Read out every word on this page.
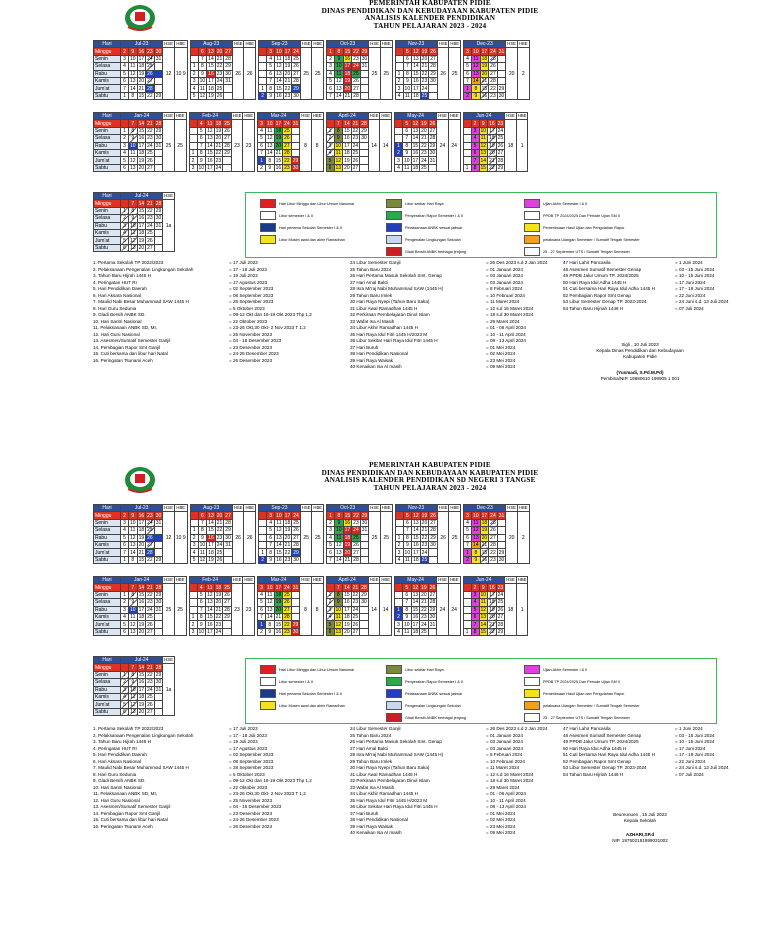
PEMERINTAH KABUPATEN PIDIE
DINAS PENDIDIKAN DAN KEBUDAYAAN KABUPATEN PIDIE
ANALISIS KALENDER PENDIDIKAN
TAHUN PELAJARAN 2023 - 2024
Hari	Jul-23					HSE	HBE
Minggu	2	9	16	23	30	12	10 9
Senin	3	10	17	24	31		
Selasa	4	11	18	25			
Rabu	5	12	19	26			
Kamis	6	13	20	27			
Jum'at	7	14	21	28			
Sabtu	1	8	15	22	29		
Aug-23					HSE	HBE
	6	13	20	27	26	26
	7	14	21	28		
1	8	15	22	29		
2	9	16	23	30		
3	10	17	24	31		
4	11	18	25			
5	12	19	26			
Sep-23					HSE	HBE
	3	10	17	24	25	25
	4	11	18	25		
	5	12	19	26		
	6	13	20	27		
	7	14	21	28		
1	8	15	22	29		
2	9	16	23	30		
Oct-23					HSE	HBE
1	8	15	22	29	25	25
2	9	16	23	30		
3	10	17	24	31		
4	11	18	25			
5	12	19	26			
6	13	20	27			
7	14	21	28			
Nov-23					HSE	HBE
	5	12	19	26	26	25
	6	13	20	27		
	7	14	21	28		
1	8	15	22	29		
2	9	16	23	30		
3	10	17	24			
4	11	18	25			
Dec-23					HSE	HBE
3	10	17	24	31	20	2
4	11	18	25			
5	12	19	26			
6	13	20	27			
7	14	21	28			
1	8	15	22	29		
2	9	16	23	30		
Hari	Jan-24					HSE	HBE
Minggu		7	14	21	28	25	25
Senin	1	8	15	22	29		
Selasa	2	9	16	23	30		
Rabu	3	10	17	24	31		
Kamis	4	11	18	25			
Jum'at	5	12	19	26			
Sabtu	6	13	20	27			
Feb-24					HSE	HBE
	4	11	18	25	23	23
	5	12	19	26		
	6	13	20	27		
	7	14	21	28		
1	8	15	22	29		
2	9	16	23			
3	10	17	24			
Mar-24					HSE	HBE
3	10	17	24	31	8	8
4	11	18	25			
5	12	19	26			
6	13	20	27			
7	14	21	28			
1	8	15	22	29		
2	9	16	23	30		
April-24					HSE	HBE
	7	14	21	28	14	14
1	8	15	22	29		
2	9	16	23	30		
3	10	17	24			
4	11	18	25			
5	12	19	26			
6	13	20	27			
May-24					HSE	HBE
	5	12	19	26	24	24
	6	13	20	27		
	7	14	21	28		
1	8	15	22	29		
2	9	16	23	30		
3	10	17	24	31		
4	11	18	25			
Jun-24					HSE	HBE
	2	9	16	23	18	1
	3	10	17	24		
	4	11	18	25		
	5	12	19	26		
	6	13	20	27		
	7	14	21	28		
1	8	15	22	29		
Hari	Jul-24					HSE
Minggu		7	14	21	28	1a
Senin	1	8	15	22	29	
Selasa	2	9	16	23	30	
Rabu	3	10	17	24	31	
Kamis	4	11	18	25		
Jum'at	5	12	19	26		
Sabtu	6	13	20	27		
Hari Libur Minggu dan Libur Umum Nasional
Libur semester I & II
Hari pertama Sekolah Semester I & II
Libur Musim awal dan akhir Ramadhan
Libur sekitar Hari Raya
Penyerahan Rapor Semester I & II
Pelaksanaan ANBK sesuai jadwal
Pengenalan Lingkungan Sekolah
Gladi Bersih ANBK berbagai jenjang
Ujian Akhir Semester I & II
PPDB TP 2024/2025 Dan Periode Ujian SM II
Pemeriksaan Hasil Ujian dan Pengolahan Rapor
pelaksana Ulangan Semester / Sumatif Tengah Semester
25 - 27 September UTS / Sumatif Tengah Semester
1. Pertama Sekolah TP 2022/2023	= 17 Juli 2023
2. Pelaksanaan Pengenalan Lingkungan Sekolah	= 17 - 18 Juli 2023
3. Tahun Baru Hijrah 1445 H	= 19 Juli 2023
4. Peringatan HUT RI	= 17 Agustus 2023
5. Hari Pendidikan Daerah	= 02 September 2023
6. Hari Aksara Nasional	= 08 September 2023
7. Maulid Nabi Besar Muhammad SAW 1445 H	= 28 September 2023
8. Hari Guru Sedunia	= 5 Oktober 2023
9. Gladi Bersih ANBK SD.	= 09-12 Okt dan 16-19 Okt 2023 Thp 1,2
10. Hari Santri Nasional	= 22 Oktober 2023
11. Pelaksanaan ANBK SD, MI,	= 23-26 Okt,30 Okt- 2 Nov 2023 T 1,2
12. Hari Guru Nasional	= 25 November 2023
13. Asesmen/Sumatif Semester Ganjil	= 04 - 16 Desember 2023
14. Pembagian Rapor Smt Ganjil	= 23 Desember 2023
15. Cuti bersama dan libur hari Natal	= 24-26 Desember 2023
16. Peringatan Tsunami Aceh	= 26 Desember 2023
24 Libur Semester Ganjil	= 26 Des 2023 s.d 2 Jan 2024
25 Tahun Baru 2024	= 01 Januari 2024
26 Hari Pertama Masuk Sekolah Smt. Genap	= 03 Januari 2024
27 Hari Amal Bakti	= 03 Januari 2024
28 Isra Mi'raj Nabi Muhammad SAW (1445 H)	= 8 Februari 2024
29 Tahun Baru Imlek	= 10 Februari 2024
30 Hari Raya Nyepi (Tahun Baru Saka)	= 11 Maret 2024
31 Libur Awal Ramadhan 1445 H	= 12 s.d 16 Maret 2024
32 Perkiraan Pembelajaran Dinul Islam	= 18 s.d 30 Maret 2024
33 Wafat Isa Al Masih	= 29 Maret 2024
34 Libur Akhir Ramadhan 1445 H	= 01 - 06 April 2024
35 Hari Raya Idul Fitri 1445 H/2023 M	= 10 - 11 April 2024
36 Libur Sekitar Hari Raya Idul Fitri 1445 H	= 08 - 13 April 2024
37 Hari Buruh	= 01 Mei 2024
38 Hari Pendidikan Nasional	= 02 Mei 2024
39 Hari Raya Waisak	= 23 Mei 2024
40 Kenaikan Isa Al masih	= 09 Mei 2024
47 Hari Lahir Pancasila	= 1 Juni 2024
48 Asesmen Sumatif Semester Genap	= 03 - 15 Juni 2024
49 PPDB Jalur Umum TP. 2024/2025	= 10 - 15 Juni 2024
50 Hari Raya Idul Adha 1445 H	= 17 Juni 2024
51 Cuti bersama Hari Raya Idul Adha 1445 H	= 17 - 19 Juni 2024
52 Pembagian Rapor Smt Genap	= 22 Juni 2024
53 Libur Semester Genap TP. 2023-2024	= 24 Juni s.d. 13 Juli 2024
54 Tahun Baru Hijriah 1446 H	= 07 Juli 2024
Sigli , 10 Juli 2023
Kepala Dinas Pendidikan dan Kebudayaan
Kabupaten Pidie
(Yusmadi, S.Pd.M.Pd)
Pembina/NIP. 19680610 199905 1 001
PEMERINTAH KABUPATEN PIDIE
DINAS PENDIDIKAN DAN KEBUDAYAAN KABUPATEN PIDIE
ANALISIS KALENDER PENDIDIKAN SD NEGERI 3 TANGSE
TAHUN PELAJARAN 2023 - 2024
Hari	Jul-23					HSE	HBE
Minggu	2	9	16	23	30	12	10 9
Senin	3	10	17	24	31		
Selasa	4	11	18	25			
Rabu	5	12	19	26			
Kamis	6	13	20	27			
Jum'at	7	14	21	28			
Sabtu	1	8	15	22	29		
Aug-23					HSE	HBE
	6	13	20	27	26	26
	7	14	21	28		
1	8	15	22	29		
2	9	16	23	30		
3	10	17	24	31		
4	11	18	25			
5	12	19	26			
Sep-23					HSE	HBE
	3	10	17	24	25	25
	4	11	18	25		
	5	12	19	26		
	6	13	20	27		
	7	14	21	28		
1	8	15	22	29		
2	9	16	23	30		
Oct-23					HSE	HBE
1	8	15	22	29	25	25
2	9	16	23	30		
3	10	17	24	31		
4	11	18	25			
5	12	19	26			
6	13	20	27			
7	14	21	28			
Nov-23					HSE	HBE
	5	12	19	26	26	25
	6	13	20	27		
	7	14	21	28		
1	8	15	22	29		
2	9	16	23	30		
3	10	17	24			
4	11	18	25			
Dec-23					HSE	HBE
3	10	17	24	31	20	2
4	11	18	25			
5	12	19	26			
6	13	20	27			
7	14	21	28			
1	8	15	22	29		
2	9	16	23	30		
Hari	Jan-24					HSE	HBE
Minggu		7	14	21	28	25	25
Senin	1	8	15	22	29		
Selasa	2	9	16	23	30		
Rabu	3	10	17	24	31		
Kamis	4	11	18	25			
Jum'at	5	12	19	26			
Sabtu	6	13	20	27			
Feb-24					HSE	HBE
	4	11	18	25	23	23
	5	12	19	26		
	6	13	20	27		
	7	14	21	28		
1	8	15	22	29		
2	9	16	23			
3	10	17	24			
Mar-24					HSE	HBE
3	10	17	24	31	8	8
4	11	18	25			
5	12	19	26			
6	13	20	27			
7	14	21	28			
1	8	15	22	29		
2	9	16	23	30		
April-24					HSE	HBE
	7	14	21	28	14	14
1	8	15	22	29		
2	9	16	23	30		
3	10	17	24			
4	11	18	25			
5	12	19	26			
6	13	20	27			
May-24					HSE	HBE
	5	12	19	26	24	24
	6	13	20	27		
	7	14	21	28		
1	8	15	22	29		
2	9	16	23	30		
3	10	17	24	31		
4	11	18	25			
Jun-24					HSE	HBE
	2	9	16	23	18	1
	3	10	17	24		
	4	11	18	25		
	5	12	19	26		
	6	13	20	27		
	7	14	21	28		
1	8	15	22	29		
Hari	Jul-24					HSE
Minggu		7	14	21	28	1a
Senin	1	8	15	22	29	
Selasa	2	9	16	23	30	
Rabu	3	10	17	24	31	
Kamis	4	11	18	25		
Jum'at	5	12	19	26		
Sabtu	6	13	20	27		
Hari Libur Minggu dan Libur Umum Nasional
Libur semester I & II
Hari pertama Sekolah Semester I & II
Libur Musim awal dan akhir Ramadhan
Libur sekitar Hari Raya
Penyerahan Rapor Semester I & II
Pelaksanaan ANBK sesuai jadwal
Pengenalan Lingkungan Sekolah
Gladi Bersih ANBK berbagai jenjang
Ujian Akhir Semester I & II
PPDB TP 2024/2025 Dan Periode Ujian SM II
Pemeriksaan Hasil Ujian dan Pengolahan Rapor
pelaksana Ulangan Semester / Sumatif Tengah Semester
25 - 27 September UTS / Sumatif Tengah Semester
1. Pertama Sekolah TP 2022/2023	= 17 Juli 2023
2. Pelaksanaan Pengenalan Lingkungan Sekolah	= 17 - 18 Juli 2023
3. Tahun Baru Hijrah 1445 H	= 19 Juli 2023
4. Peringatan HUT RI	= 17 Agustus 2023
5. Hari Pendidikan Daerah	= 02 September 2023
6. Hari Aksara Nasional	= 08 September 2023
7. Maulid Nabi Besar Muhammad SAW 1445 H	= 28 September 2023
8. Hari Guru Sedunia	= 5 Oktober 2023
9. Gladi Bersih ANBK SD.	= 09-12 Okt dan 16-19 Okt 2023 Thp 1,2
10. Hari Santri Nasional	= 22 Oktober 2023
11. Pelaksanaan ANBK SD, MI,	= 23-26 Okt,30 Okt- 2 Nov 2023 T 1,2
12. Hari Guru Nasional	= 25 November 2023
13. Asesmen/Sumatif Semester Ganjil	= 04 - 16 Desember 2023
14. Pembagian Rapor Smt Ganjil	= 23 Desember 2023
15. Cuti bersama dan libur hari Natal	= 24-26 Desember 2023
16. Peringatan Tsunami Aceh	= 26 Desember 2023
24 Libur Semester Ganjil	= 26 Des 2023 s.d 2 Jan 2024
25 Tahun Baru 2024	= 01 Januari 2024
26 Hari Pertama Masuk Sekolah Smt. Genap	= 03 Januari 2024
27 Hari Amal Bakti	= 03 Januari 2024
28 Isra Mi'raj Nabi Muhammad SAW (1445 H)	= 8 Februari 2024
29 Tahun Baru Imlek	= 10 Februari 2024
30 Hari Raya Nyepi (Tahun Baru Saka)	= 11 Maret 2024
31 Libur Awal Ramadhan 1445 H	= 12 s.d 16 Maret 2024
32 Perkiraan Pembelajaran Dinul Islam	= 18 s.d 30 Maret 2024
33 Wafat Isa Al Masih	= 29 Maret 2024
34 Libur Akhir Ramadhan 1445 H	= 01 - 06 April 2024
35 Hari Raya Idul Fitri 1445 H/2023 M	= 10 - 11 April 2024
36 Libur Sekitar Hari Raya Idul Fitri 1445 H	= 08 - 13 April 2024
37 Hari Buruh	= 01 Mei 2024
38 Hari Pendidikan Nasional	= 02 Mei 2024
39 Hari Raya Waisak	= 23 Mei 2024
40 Kenaikan Isa Al masih	= 09 Mei 2024
47 Hari Lahir Pancasila	= 1 Juni 2024
48 Asesmen Sumatif Semester Genap	= 03 - 15 Juni 2024
49 PPDB Jalur Umum TP. 2024/2025	= 10 - 15 Juni 2024
50 Hari Raya Idul Adha 1445 H	= 17 Juni 2024
51 Cuti bersama Hari Raya Idul Adha 1445 H	= 17 - 19 Juni 2024
52 Pembagian Rapor Smt Genap	= 22 Juni 2024
53 Libur Semester Genap TP. 2023-2024	= 24 Juni s.d. 13 Juli 2024
54 Tahun Baru Hijriah 1446 H	= 07 Juli 2024
Beureunuen , 15 Juli 2023
Kepala Sekolah
AZHARI,SP.d
NIP. 197502191999031002
